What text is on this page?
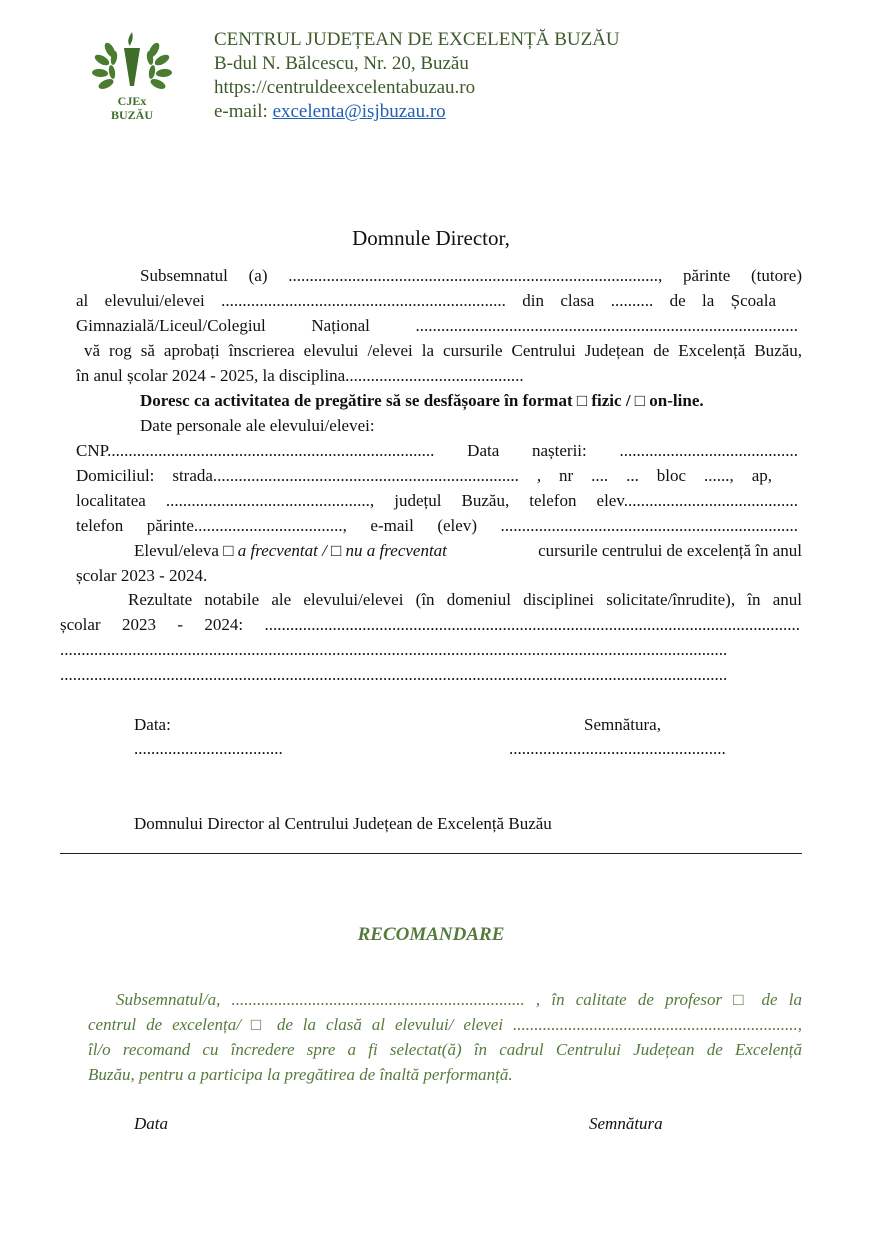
CJEx
BUZĂU
CENTRUL JUDEȚEAN DE EXCELENȚĂ BUZĂU
B-dul N. Bălcescu, Nr. 20, Buzău
https://centruldeexcelentabuzau.ro
e-mail: excelenta@isjbuzau.ro
Domnule Director,
Subsemnatul (a) ......................................................................................., părinte (tutore)
al elevului/elevei ................................................................... din clasa .......... de la Școala
Gimnazială/Liceul/Colegiul Național ..........................................................................................
vă rog să aprobați înscrierea elevului /elevei la cursurile Centrului Județean de Excelență Buzău,
în anul școlar 2024 - 2025, la disciplina..........................................
Doresc ca activitatea de pregătire să se desfășoare în format □ fizic / □ on-line.
Date personale ale elevului/elevei:
CNP............................................................................. Data nașterii: ..........................................
Domiciliul: strada........................................................................ , nr .... ... bloc ......, ap,
localitatea ................................................, județul Buzău, telefon elev.........................................
telefon părinte..................................., e-mail (elev) ......................................................................
Elevul/eleva □ a frecventat / □ nu a frecventat	cursurile centrului de excelență în anul
școlar 2023 - 2024.
Rezultate notabile ale elevului/elevei (în domeniul disciplinei solicitate/înrudite), în anul
școlar 2023 - 2024: ..............................................................................................................................
.............................................................................................................................................................
.............................................................................................................................................................
Data:
...................................
Semnătura,
...................................................
Domnului Director al Centrului Județean de Excelență Buzău
RECOMANDARE
Subsemnatul/a, ..................................................................... , în calitate de profesor □ de la
centrul de excelența/ □ de la clasă al elevului/ elevei ...................................................................,
îl/o recomand cu încredere spre a fi selectat(ă) în cadrul Centrului Județean de Excelență
Buzău, pentru a participa la pregătirea de înaltă performanță.
Data	Semnătura
